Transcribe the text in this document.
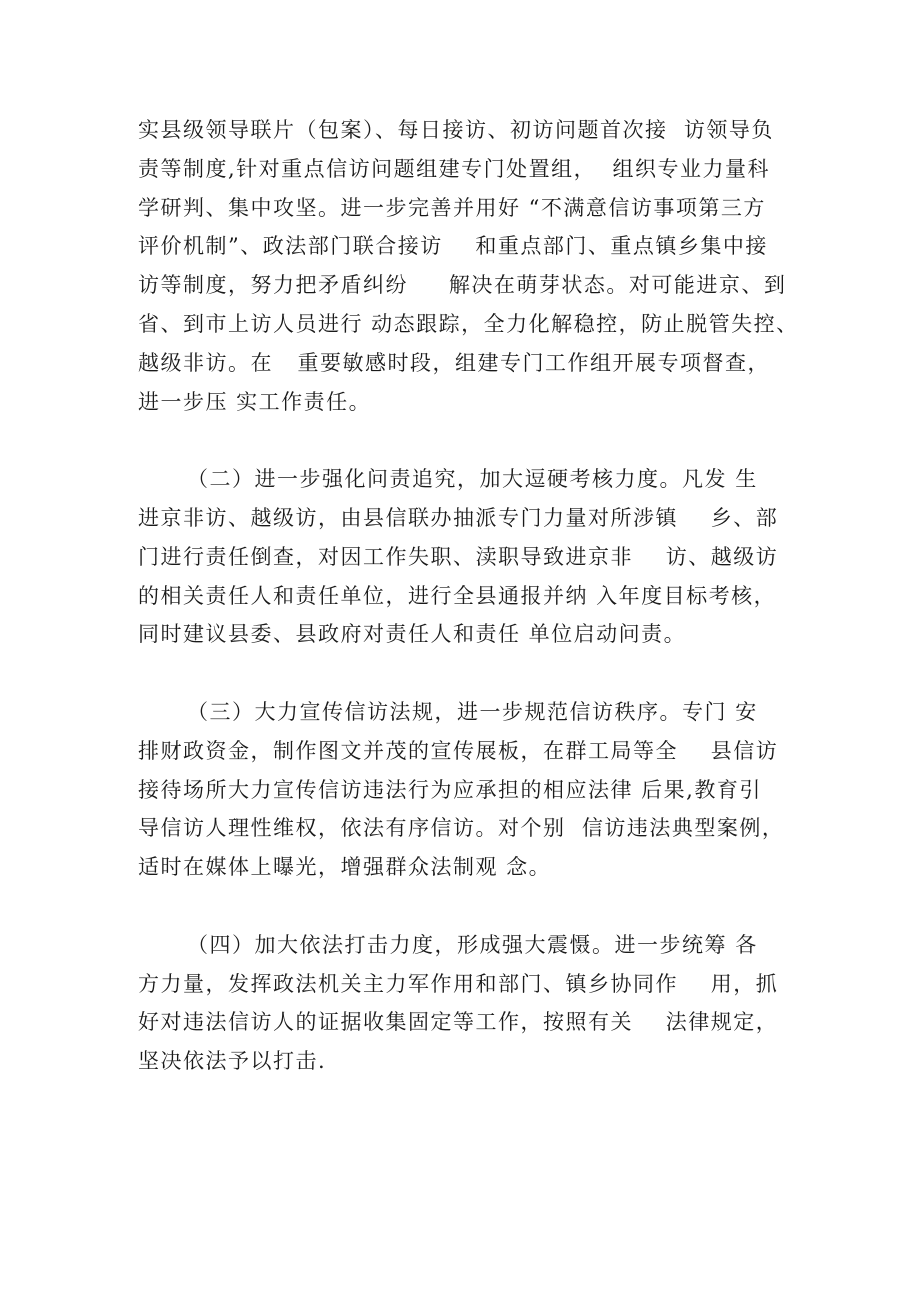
实县级领导联片（包案）、每日接访、初访问题首次接  访领导负
责等制度,针对重点信访问题组建专门处置组，  组织专业力量科
学研判、集中攻坚。进一步完善并用好 “不满意信访事项第三方
评价机制”、政法部门联合接访    和重点部门、重点镇乡集中接
访等制度，努力把矛盾纠纷     解决在萌芽状态。对可能进京、到
省、到市上访人员进行 动态跟踪，全力化解稳控，防止脱管失控、
越级非访。在   重要敏感时段，组建专门工作组开展专项督查，
进一步压 实工作责任。
（二）进一步强化问责追究，加大逗硬考核力度。凡发 生
进京非访、越级访，由县信联办抽派专门力量对所涉镇    乡、部
门进行责任倒查，对因工作失职、渎职导致进京非    访、越级访
的相关责任人和责任单位，进行全县通报并纳 入年度目标考核，
同时建议县委、县政府对责任人和责任 单位启动问责。
（三）大力宣传信访法规，进一步规范信访秩序。专门 安
排财政资金，制作图文并茂的宣传展板，在群工局等全    县信访
接待场所大力宣传信访违法行为应承担的相应法律 后果,教育引
导信访人理性维权，依法有序信访。对个别  信访违法典型案例，
适时在媒体上曝光，增强群众法制观 念。
（四）加大依法打击力度，形成强大震慑。进一步统筹 各
方力量，发挥政法机关主力军作用和部门、镇乡协同作    用，抓
好对违法信访人的证据收集固定等工作，按照有关    法律规定，
坚决依法予以打击.
